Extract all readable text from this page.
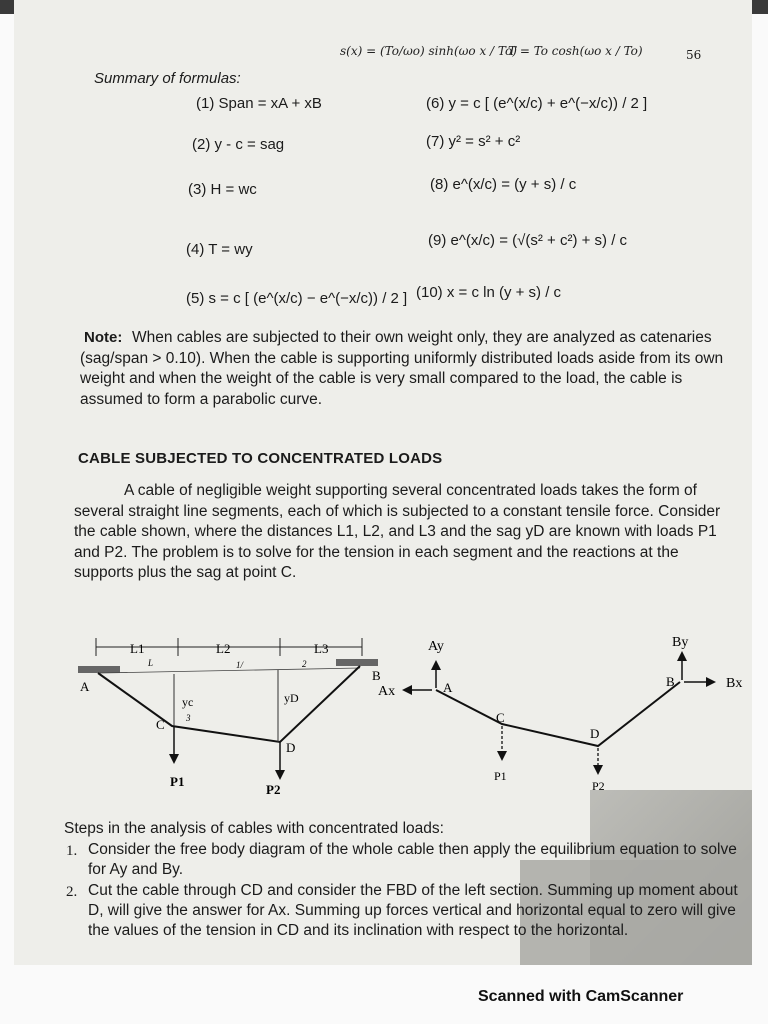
s(x) = (To/ωo) sinh(ωo x / To)
T = To cosh(ωo x / To)	56
Summary of formulas:
(1) Span = xA + xB
(2) y - c = sag
(3) H = wc
(4) T = wy
(5) s = c [ (e^(x/c) − e^(−x/c)) / 2 ]
(6) y = c [ (e^(x/c) + e^(−x/c)) / 2 ]
(7) y² = s² + c²
(8) e^(x/c) = (y + s) / c
(9) e^(x/c) = (√(s² + c²) + s) / c
(10) x = c ln (y + s) / c
Note: When cables are subjected to their own weight only, they are analyzed as catenaries (sag/span > 0.10). When the cable is supporting uniformly distributed loads aside from its own weight and when the weight of the cable is very small compared to the load, the cable is assumed to form a parabolic curve.
CABLE SUBJECTED TO CONCENTRATED LOADS
A cable of negligible weight supporting several concentrated loads takes the form of several straight line segments, each of which is subjected to a constant tensile force. Consider the cable shown, where the distances L1, L2, and L3 and the sag yD are known with loads P1 and P2. The problem is to solve for the tension in each segment and the reactions at the supports plus the sag at point C.
L1	L2	L3
L	1/	2
A
B
C
D
yc
3
yD
P1
P2
Ay
Ax	A
C
D
P1
P2
B
By
Bx
Steps in the analysis of cables with concentrated loads:
1. Consider the free body diagram of the whole cable then apply the equilibrium equation to solve for Ay and By.
2. Cut the cable through CD and consider the FBD of the left section. Summing up moment about D, will give the answer for Ax. Summing up forces vertical and horizontal equal to zero will give the values of the tension in CD and its inclination with respect to the horizontal.
Scanned with CamScanner
